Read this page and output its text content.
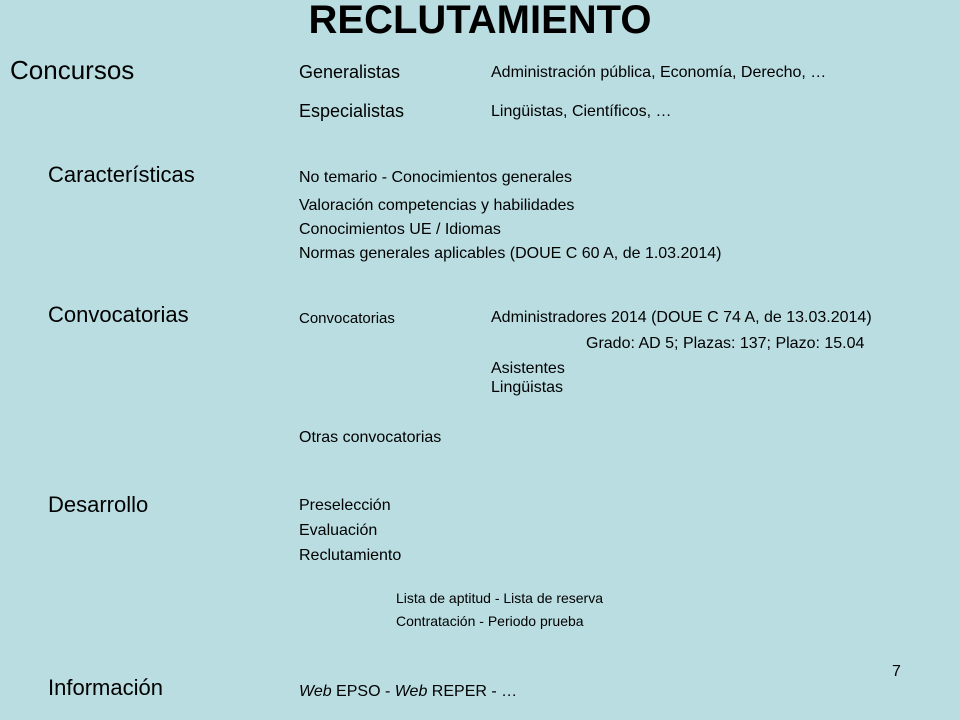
RECLUTAMIENTO
Concursos	Generalistas	Administración pública, Economía, Derecho, …
Especialistas	Lingüistas, Científicos, …
Características	No temario - Conocimientos generales
Valoración competencias y habilidades
Conocimientos UE / Idiomas
Normas generales aplicables (DOUE C 60 A, de 1.03.2014)
Convocatorias	Convocatorias	Administradores 2014 (DOUE C 74 A, de 13.03.2014)
Grado: AD 5; Plazas: 137; Plazo: 15.04
Asistentes
Lingüistas
Otras convocatorias
Desarrollo	Preselección
Evaluación
Reclutamiento
Lista de aptitud - Lista de reserva
Contratación - Periodo prueba
Información	Web EPSO - Web REPER - …
7
